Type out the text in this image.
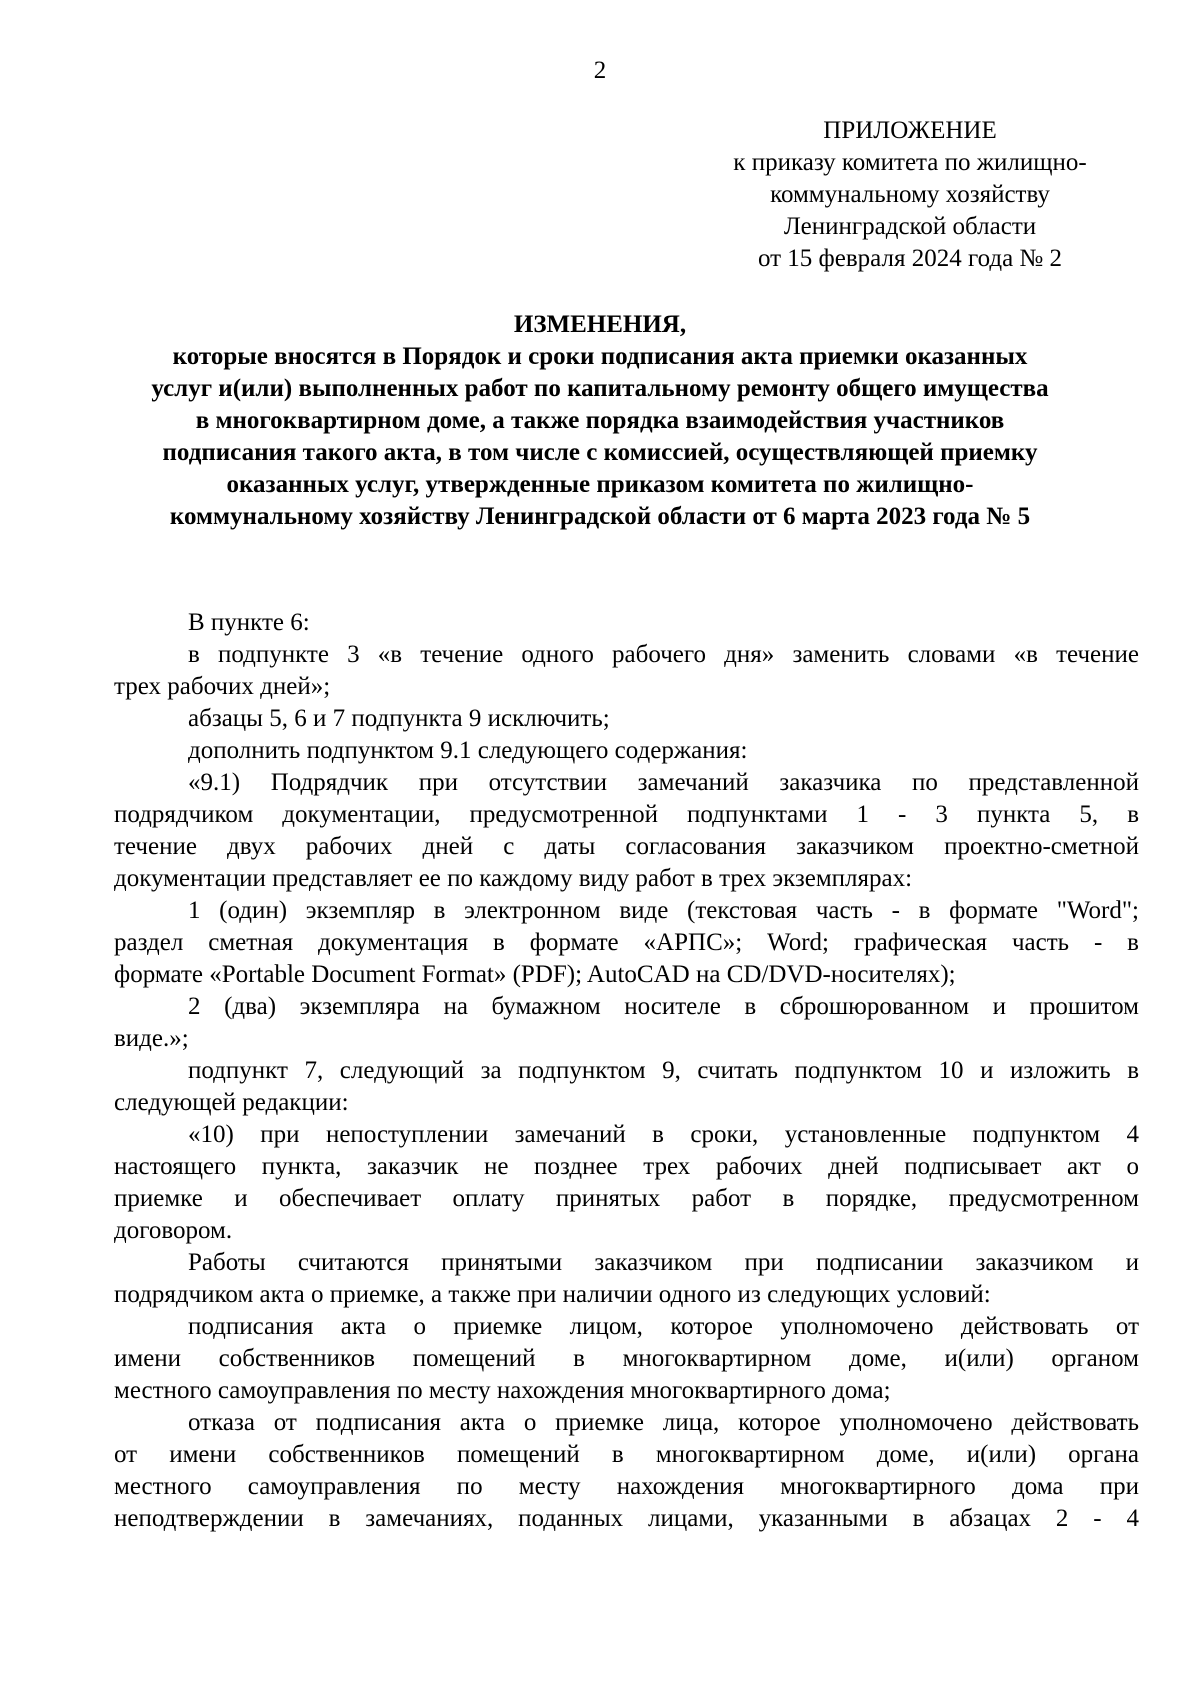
2
ПРИЛОЖЕНИЕ
к приказу комитета по жилищно-
коммунальному хозяйству
Ленинградской области
от 15 февраля 2024 года № 2
ИЗМЕНЕНИЯ,
которые вносятся в Порядок и сроки подписания акта приемки оказанных
услуг и(или) выполненных работ по капитальному ремонту общего имущества
в многоквартирном доме, а также порядка взаимодействия участников
подписания такого акта, в том числе с комиссией, осуществляющей приемку
оказанных услуг, утвержденные приказом комитета по жилищно-
коммунальному хозяйству Ленинградской области от 6 марта 2023 года № 5
В пункте 6:
в подпункте 3 «в течение одного рабочего дня» заменить словами «в течение
трех рабочих дней»;
абзацы 5, 6 и 7 подпункта 9 исключить;
дополнить подпунктом 9.1 следующего содержания:
«9.1) Подрядчик при отсутствии замечаний заказчика по представленной
подрядчиком документации, предусмотренной подпунктами 1 - 3 пункта 5, в
течение двух рабочих дней с даты согласования заказчиком проектно-сметной
документации представляет ее по каждому виду работ в трех экземплярах:
1 (один) экземпляр в электронном виде (текстовая часть - в формате "Word";
раздел сметная документация в формате «АРПС»; Word; графическая часть - в
формате «Portable Document Format» (PDF); AutoCAD на CD/DVD-носителях);
2 (два) экземпляра на бумажном носителе в сброшюрованном и прошитом
виде.»;
подпункт 7, следующий за подпунктом 9, считать подпунктом 10 и изложить в
следующей редакции:
«10) при непоступлении замечаний в сроки, установленные подпунктом 4
настоящего пункта, заказчик не позднее трех рабочих дней подписывает акт о
приемке и обеспечивает оплату принятых работ в порядке, предусмотренном
договором.
Работы считаются принятыми заказчиком при подписании заказчиком и
подрядчиком акта о приемке, а также при наличии одного из следующих условий:
подписания акта о приемке лицом, которое уполномочено действовать от
имени собственников помещений в многоквартирном доме, и(или) органом
местного самоуправления по месту нахождения многоквартирного дома;
отказа от подписания акта о приемке лица, которое уполномочено действовать
от имени собственников помещений в многоквартирном доме, и(или) органа
местного самоуправления по месту нахождения многоквартирного дома при
неподтверждении в замечаниях, поданных лицами, указанными в абзацах 2 - 4
